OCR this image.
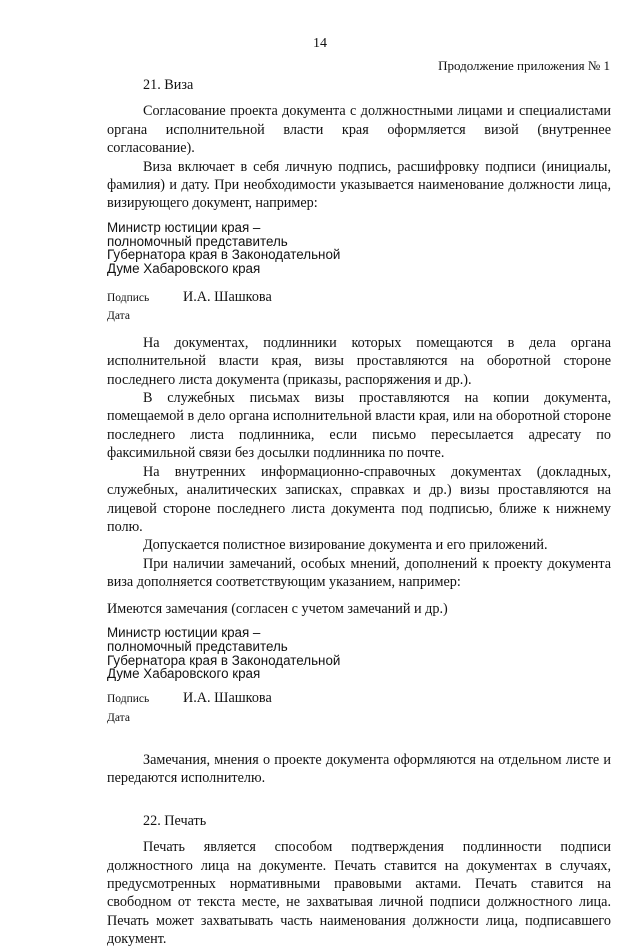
14
Продолжение приложения № 1

21. Виза

Согласование проекта документа с должностными лицами и специалистами органа исполнительной власти края оформляется визой (внутреннее согласование).

Виза включает в себя личную подпись, расшифровку подписи (инициалы, фамилия) и дату. При необходимости указывается наименование должности лица, визирующего документ, например:

Министр юстиции края –
полномочный представитель
Губернатора края в Законодательной
Думе Хабаровского края
Подпись	И.А. Шашкова
Дата

На документах, подлинники которых помещаются в дела органа исполнительной власти края, визы проставляются на оборотной стороне последнего листа документа (приказы, распоряжения и др.).

В служебных письмах визы проставляются на копии документа, помещаемой в дело органа исполнительной власти края, или на оборотной стороне последнего листа подлинника, если письмо пересылается адресату по факсимильной связи без досылки подлинника по почте.

На внутренних информационно-справочных документах (докладных, служебных, аналитических записках, справках и др.) визы проставляются на лицевой стороне последнего листа документа под подписью, ближе к нижнему полю.

Допускается полистное визирование документа и его приложений.

При наличии замечаний, особых мнений, дополнений к проекту документа виза дополняется соответствующим указанием, например:

Имеются замечания (согласен с учетом замечаний и др.)

Министр юстиции края –
полномочный представитель
Губернатора края в Законодательной
Думе Хабаровского края
Подпись	И.А. Шашкова
Дата

Замечания, мнения о проекте документа оформляются на отдельном листе и передаются исполнителю.

22. Печать

Печать является способом подтверждения подлинности подписи должностного лица на документе. Печать ставится на документах в случаях, предусмотренных нормативными правовыми актами. Печать ставится на свободном от текста месте, не захватывая личной подписи должностного лица. Печать может захватывать часть наименования должности лица, подписавшего документ.
